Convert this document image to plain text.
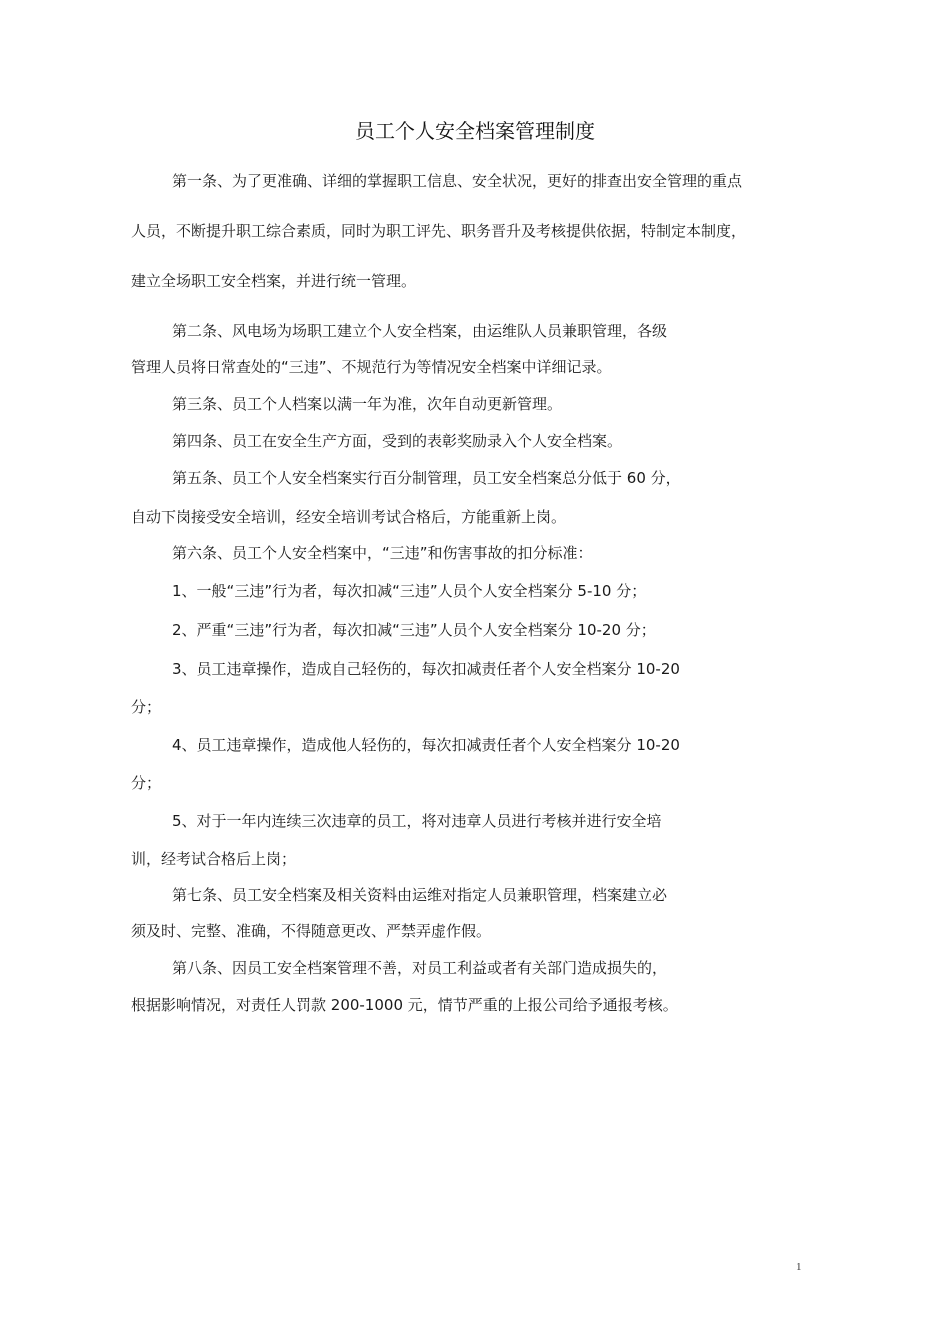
员工个人安全档案管理制度
第一条、为了更准确、详细的掌握职工信息、安全状况，更好的排查出安全管理的重点
人员，不断提升职工综合素质，同时为职工评先、职务晋升及考核提供依据，特制定本制度，
建立全场职工安全档案，并进行统一管理。
第二条、风电场为场职工建立个人安全档案，由运维队人员兼职管理，各级
管理人员将日常查处的“三违”、不规范行为等情况安全档案中详细记录。
第三条、员工个人档案以满一年为准，次年自动更新管理。
第四条、员工在安全生产方面，受到的表彰奖励录入个人安全档案。
第五条、员工个人安全档案实行百分制管理，员工安全档案总分低于 60 分，
自动下岗接受安全培训，经安全培训考试合格后，方能重新上岗。
第六条、员工个人安全档案中，“三违”和伤害事故的扣分标准：
1、一般“三违”行为者，每次扣减“三违”人员个人安全档案分 5-10 分；
2、严重“三违”行为者，每次扣减“三违”人员个人安全档案分 10-20 分；
3、员工违章操作，造成自己轻伤的，每次扣减责任者个人安全档案分 10-20
分；
4、员工违章操作，造成他人轻伤的，每次扣减责任者个人安全档案分 10-20
分；
5、对于一年内连续三次违章的员工，将对违章人员进行考核并进行安全培
训，经考试合格后上岗；
第七条、员工安全档案及相关资料由运维对指定人员兼职管理，档案建立必
须及时、完整、准确，不得随意更改、严禁弄虚作假。
第八条、因员工安全档案管理不善，对员工利益或者有关部门造成损失的，
根据影响情况，对责任人罚款 200-1000 元，情节严重的上报公司给予通报考核。
1
